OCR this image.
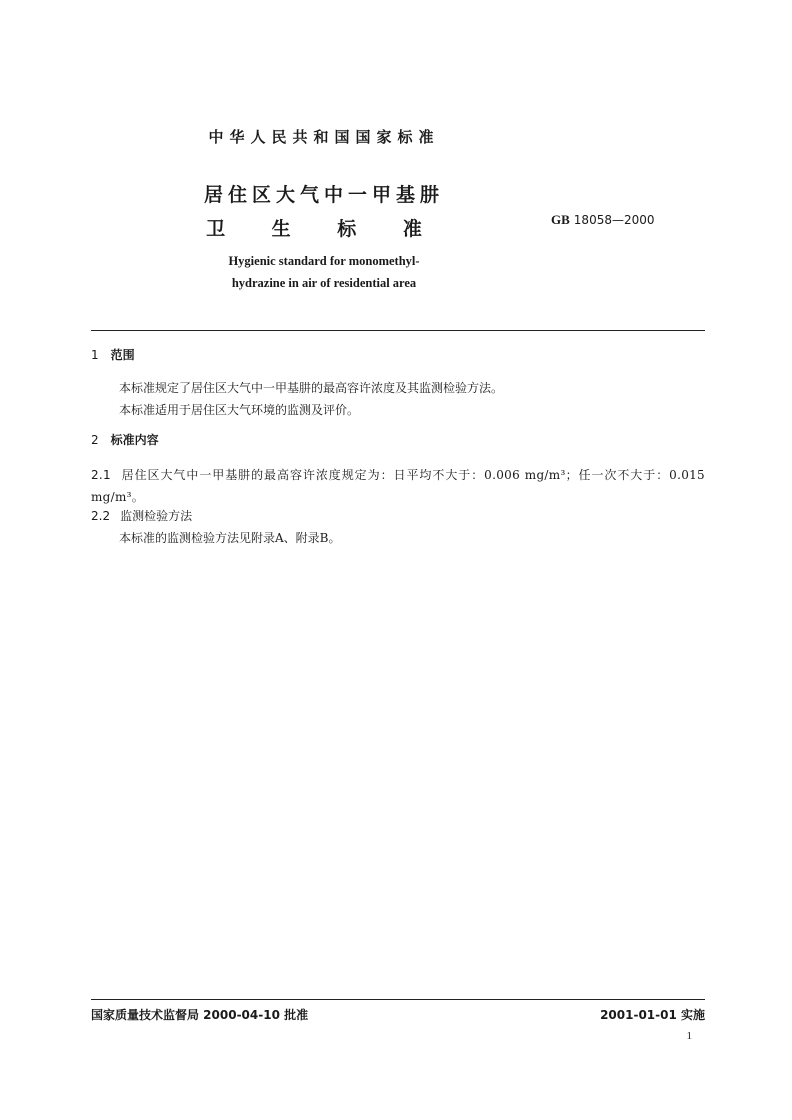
中华人民共和国国家标准
居住区大气中一甲基肼
卫 生 标 准	GB 18058—2000
Hygienic standard for monomethyl-
hydrazine in air of residential area
1 范围
本标准规定了居住区大气中一甲基肼的最高容许浓度及其监测检验方法。
本标准适用于居住区大气环境的监测及评价。
2 标准内容
2.1 居住区大气中一甲基肼的最高容许浓度规定为：日平均不大于：0.006 mg/m³；任一次不大于：0.015 mg/m³。
2.2 监测检验方法
本标准的监测检验方法见附录A、附录B。
国家质量技术监督局 2000-04-10 批准	2001-01-01 实施
1
